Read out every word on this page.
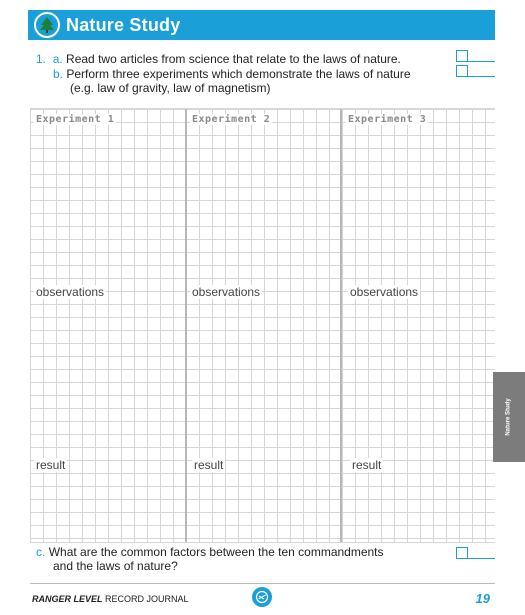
Nature Study
1. a. Read two articles from science that relate to the laws of nature.
b. Perform three experiments which demonstrate the laws of nature
(e.g. law of gravity, law of magnetism)
Experiment 1	Experiment 2	Experiment 3
observations	observations	observations
result	result	result
c. What are the common factors between the ten commandments
and the laws of nature?
Nature Study
RANGER LEVEL RECORD JOURNAL	19
